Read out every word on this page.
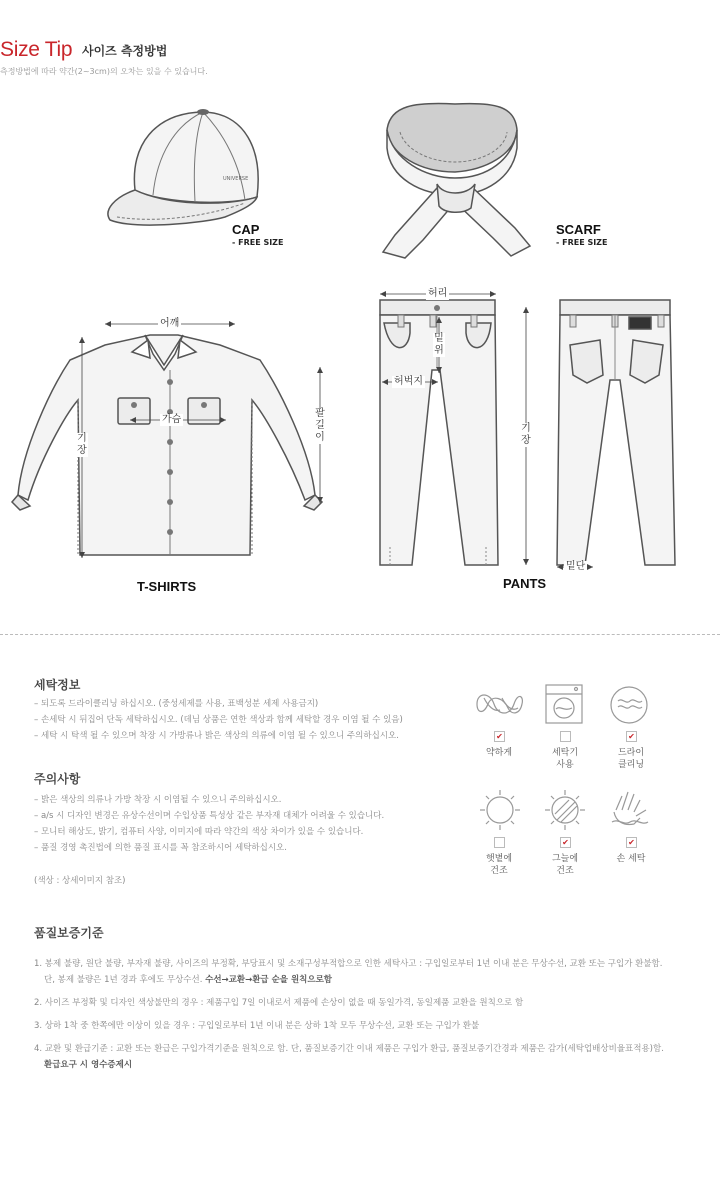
Size Tip 사이즈 측정방법
측정방법에 따라 약간(2~3cm)의 오차는 있을 수 있습니다.
UNIVERSE
CAP
- FREE SIZE
SCARF
- FREE SIZE
어깨
가슴
기장
팔길이
T-SHIRTS
허리
밑위
허벅지
기장
밑단
PANTS
세탁정보
– 되도록 드라이클리닝 하십시오. (중성세제를 사용, 표백성분 세제 사용금지)
– 손세탁 시 뒤집어 단독 세탁하십시오. (데님 상품은 연한 색상과 함께 세탁할 경우 이염 될 수 있음)
– 세탁 시 탁색 될 수 있으며 착장 시 가방류나 밝은 색상의 의류에 이염 될 수 있으니 주의하십시오.
주의사항
– 밝은 색상의 의류나 가방 착장 시 이염될 수 있으니 주의하십시오.
– a/s 시 디자인 변경은 유상수선이며 수입상품 특성상 같은 부자재 대체가 어려울 수 있습니다.
– 모니터 해상도, 밝기, 컴퓨터 사양, 이미지에 따라 약간의 색상 차이가 있을 수 있습니다.
– 품질 경영 촉진법에 의한 품질 표시를 꼭 참조하시어 세탁하십시오.
(색상 : 상세이미지 참조)
✔
약하게	세탁기
사용
✔
드라이
클리닝
햇볕에
건조
✔
그늘에
건조
✔
손 세탁
품질보증기준
1. 봉제 불량, 원단 불량, 부자재 불량, 사이즈의 부정확, 부당표시 및 소재구성부적합으로 인한 세탁사고 : 구입일로부터 1년 이내 분은 무상수선, 교환 또는 구입가 환불함.
단, 봉제 불량은 1년 경과 후에도 무상수선. 수선→교환→환급 순을 원칙으로함
2. 사이즈 부정확 및 디자인 색상불만의 경우 : 제품구입 7일 이내로서 제품에 손상이 없을 때 동일가격, 동일제품 교환을 원칙으로 함
3. 상하 1착 중 한쪽에만 이상이 있을 경우 : 구입일로부터 1년 이내 분은 상하 1착 모두 무상수선, 교환 또는 구입가 환불
4. 교환 및 환급기준 : 교환 또는 환급은 구입가격기준을 원칙으로 함. 단, 품질보증기간 이내 제품은 구입가 환급, 품질보증기간경과 제품은 감가(세탁업배상비율표적용)함.
환급요구 시 영수증제시
